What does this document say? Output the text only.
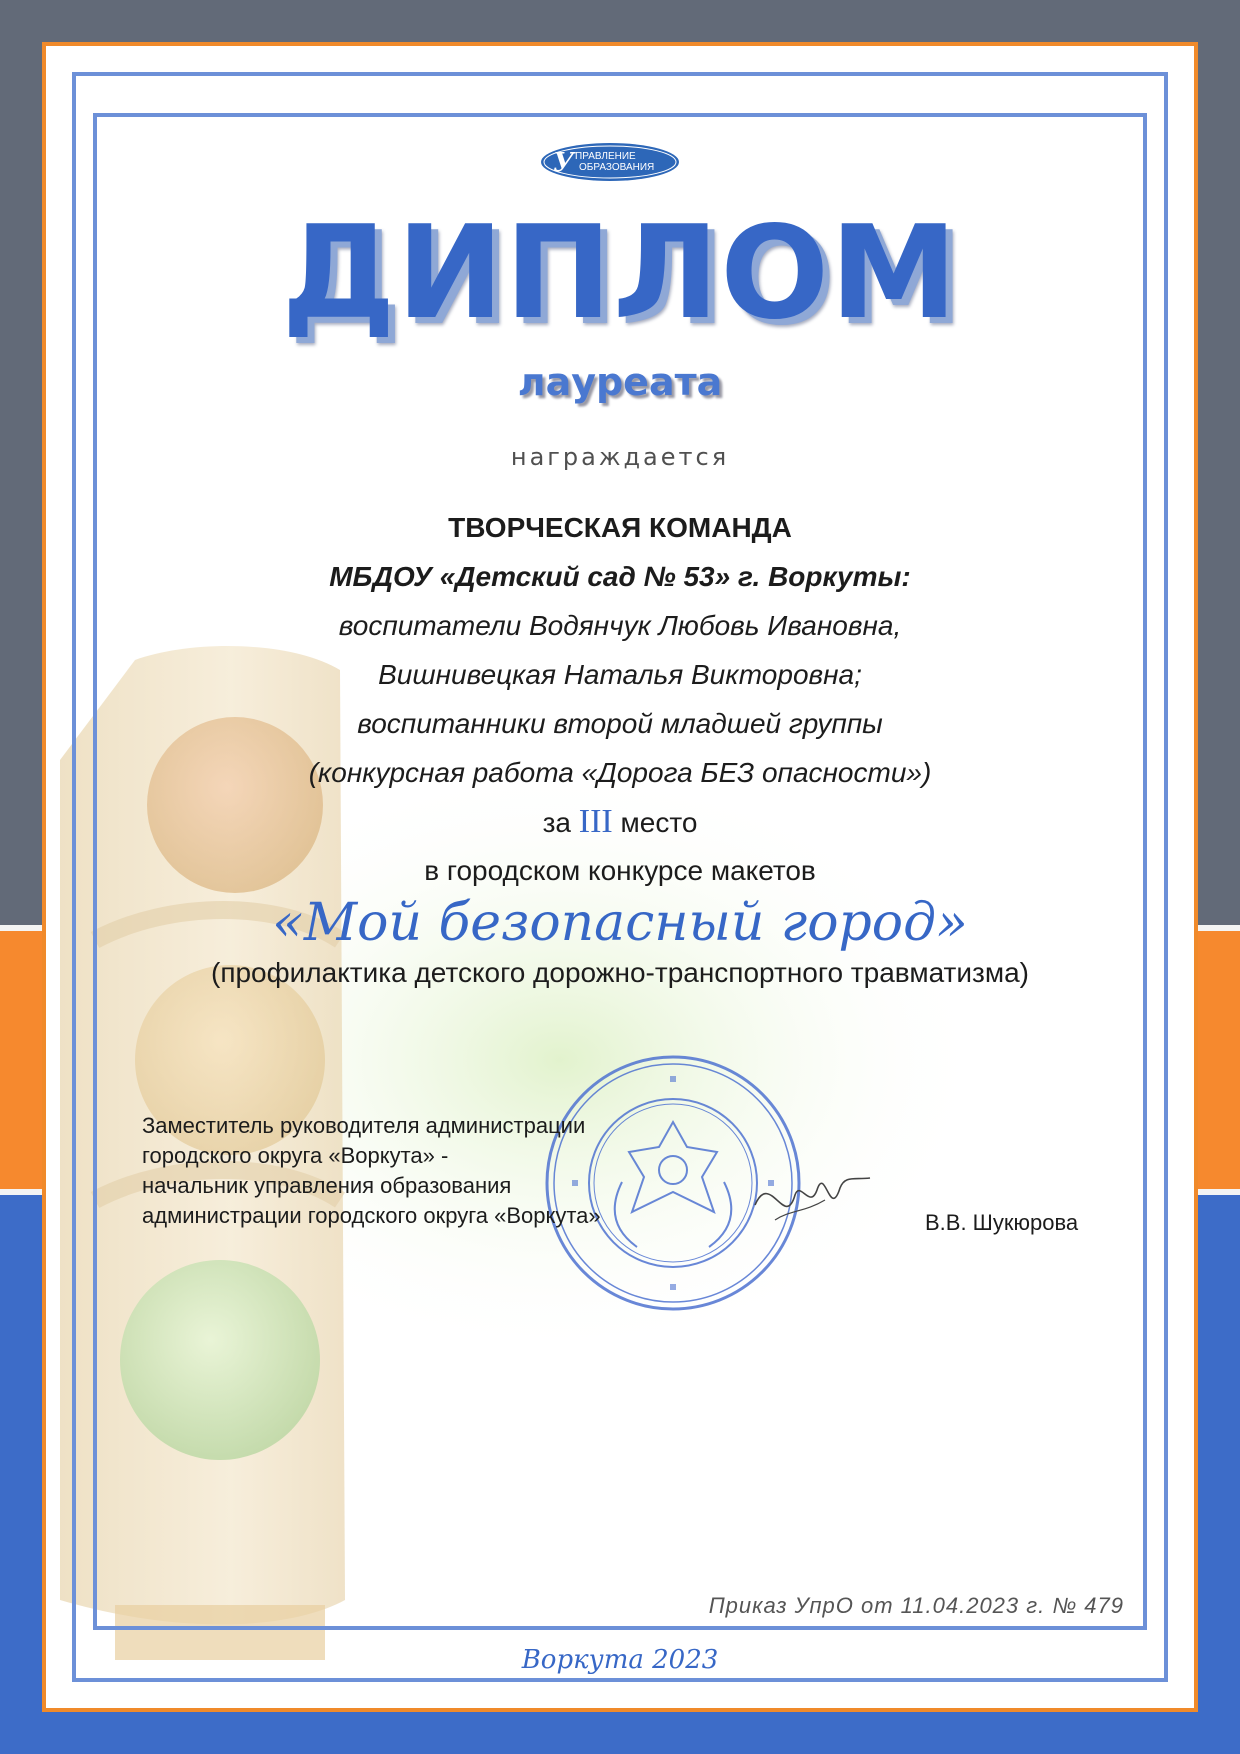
У ПРАВЛЕНИЕ
ОБРАЗОВАНИЯ
ДИПЛОМ
лауреата
награждается
ТВОРЧЕСКАЯ КОМАНДА
МБДОУ «Детский сад № 53» г. Воркуты:
воспитатели Водянчук Любовь Ивановна,
Вишнивецкая Наталья Викторовна;
воспитанники второй младшей группы
(конкурсная работа «Дорога БЕЗ опасности»)
за III место
в городском конкурсе макетов
«Мой безопасный город»
(профилактика детского дорожно-транспортного травматизма)
Заместитель руководителя администрации
городского округа «Воркута» -
начальник управления образования
администрации городского округа «Воркута»	В.В. Шукюрова
Приказ УпрО от 11.04.2023 г. № 479
Воркута 2023
